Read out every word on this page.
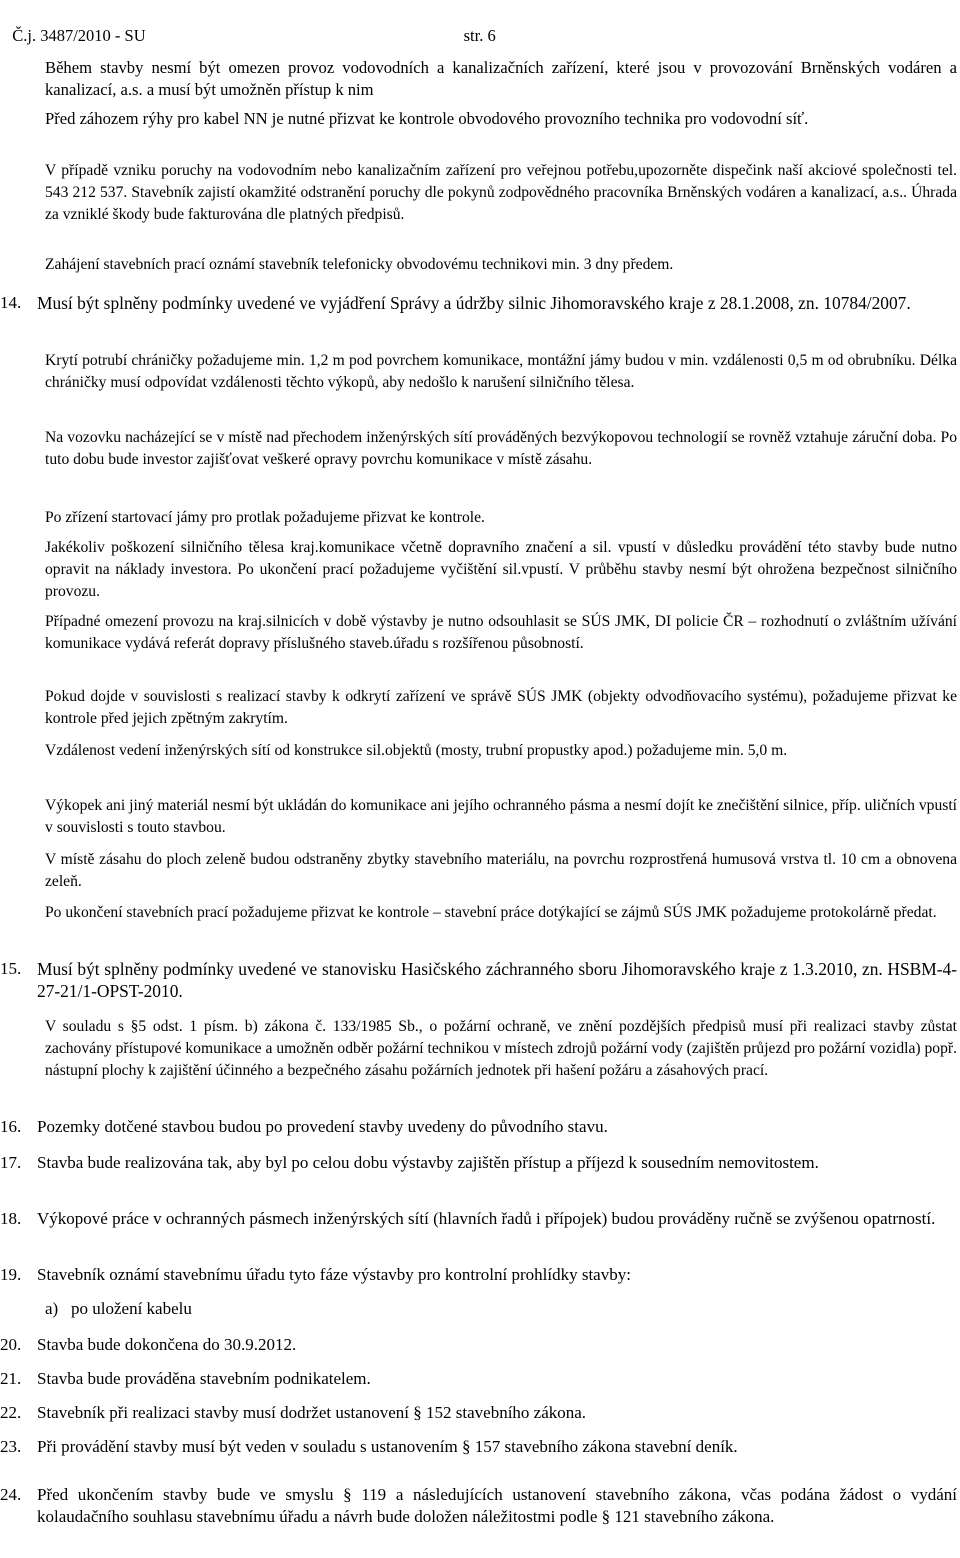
Č.j. 3487/2010 - SU	str. 6

Během stavby nesmí být omezen provoz vodovodních a kanalizačních zařízení, které jsou v provozování Brněnských vodáren a kanalizací, a.s. a musí být umožněn přístup k nim
Před záhozem rýhy pro kabel NN je nutné přizvat ke kontrole obvodového provozního technika pro vodovodní síť.
V případě vzniku poruchy na vodovodním nebo kanalizačním zařízení pro veřejnou potřebu,upozorněte dispečink naší akciové společnosti tel. 543 212 537. Stavebník zajistí okamžité odstranění poruchy dle pokynů zodpovědného pracovníka Brněnských vodáren a kanalizací, a.s.. Úhrada za vzniklé škody bude fakturována dle platných předpisů.
Zahájení stavebních prací oznámí stavebník telefonicky obvodovému technikovi min. 3 dny předem.
14. Musí být splněny podmínky uvedené ve vyjádření Správy a údržby silnic Jihomoravského kraje z 28.1.2008, zn. 10784/2007.
Krytí potrubí chráničky požadujeme min. 1,2 m pod povrchem komunikace, montážní jámy budou v min. vzdálenosti 0,5 m od obrubníku. Délka chráničky musí odpovídat vzdálenosti těchto výkopů, aby nedošlo k narušení silničního tělesa.
Na vozovku nacházející se v místě nad přechodem inženýrských sítí prováděných bezvýkopovou technologií se rovněž vztahuje záruční doba. Po tuto dobu bude investor zajišťovat veškeré opravy povrchu komunikace v místě zásahu.
Po zřízení startovací jámy pro protlak požadujeme přizvat ke kontrole.
Jakékoliv poškození silničního tělesa kraj.komunikace včetně dopravního značení a sil. vpustí v důsledku provádění této stavby bude nutno opravit na náklady investora. Po ukončení prací požadujeme vyčištění sil.vpustí. V průběhu stavby nesmí být ohrožena bezpečnost silničního provozu.
Případné omezení provozu na kraj.silnicích v době výstavby je nutno odsouhlasit se SÚS JMK, DI policie ČR – rozhodnutí o zvláštním užívání komunikace vydává referát dopravy příslušného staveb.úřadu s rozšířenou působností.
Pokud dojde v souvislosti s realizací stavby k odkrytí zařízení ve správě SÚS JMK (objekty odvodňovacího systému), požadujeme přizvat ke kontrole před jejich zpětným zakrytím.
Vzdálenost vedení inženýrských sítí od konstrukce sil.objektů (mosty, trubní propustky apod.) požadujeme min. 5,0 m.
Výkopek ani jiný materiál nesmí být ukládán do komunikace ani jejího ochranného pásma a nesmí dojít ke znečištění silnice, příp. uličních vpustí v souvislosti s touto stavbou.
V místě zásahu do ploch zeleně budou odstraněny zbytky stavebního materiálu, na povrchu rozprostřená humusová vrstva tl. 10 cm a obnovena zeleň.
Po ukončení stavebních prací požadujeme přizvat ke kontrole – stavební práce dotýkající se zájmů SÚS JMK požadujeme protokolárně předat.
15. Musí být splněny podmínky uvedené ve stanovisku Hasičského záchranného sboru Jihomoravského kraje z 1.3.2010, zn. HSBM-4-27-21/1-OPST-2010.
V souladu s §5 odst. 1 písm. b) zákona č. 133/1985 Sb., o požární ochraně, ve znění pozdějších předpisů musí při realizaci stavby zůstat zachovány přístupové komunikace a umožněn odběr požární technikou v místech zdrojů požární vody (zajištěn průjezd pro požární vozidla) popř. nástupní plochy k zajištění účinného a bezpečného zásahu požárních jednotek při hašení požáru a zásahových prací.
16. Pozemky dotčené stavbou budou po provedení stavby uvedeny do původního stavu.
17. Stavba bude realizována tak, aby byl po celou dobu výstavby zajištěn přístup a příjezd k sousedním nemovitostem.
18. Výkopové práce v ochranných pásmech inženýrských sítí (hlavních řadů i přípojek) budou prováděny ručně se zvýšenou opatrností.
19. Stavebník oznámí stavebnímu úřadu tyto fáze výstavby pro kontrolní prohlídky stavby:
a) po uložení kabelu
20. Stavba bude dokončena do 30.9.2012.
21. Stavba bude prováděna stavebním podnikatelem.
22. Stavebník při realizaci stavby musí dodržet ustanovení § 152 stavebního zákona.
23. Při provádění stavby musí být veden v souladu s ustanovením § 157 stavebního zákona stavební deník.
24. Před ukončením stavby bude ve smyslu § 119 a následujících ustanovení stavebního zákona, včas podána žádost o vydání kolaudačního souhlasu stavebnímu úřadu a návrh bude doložen náležitostmi podle § 121 stavebního zákona.
